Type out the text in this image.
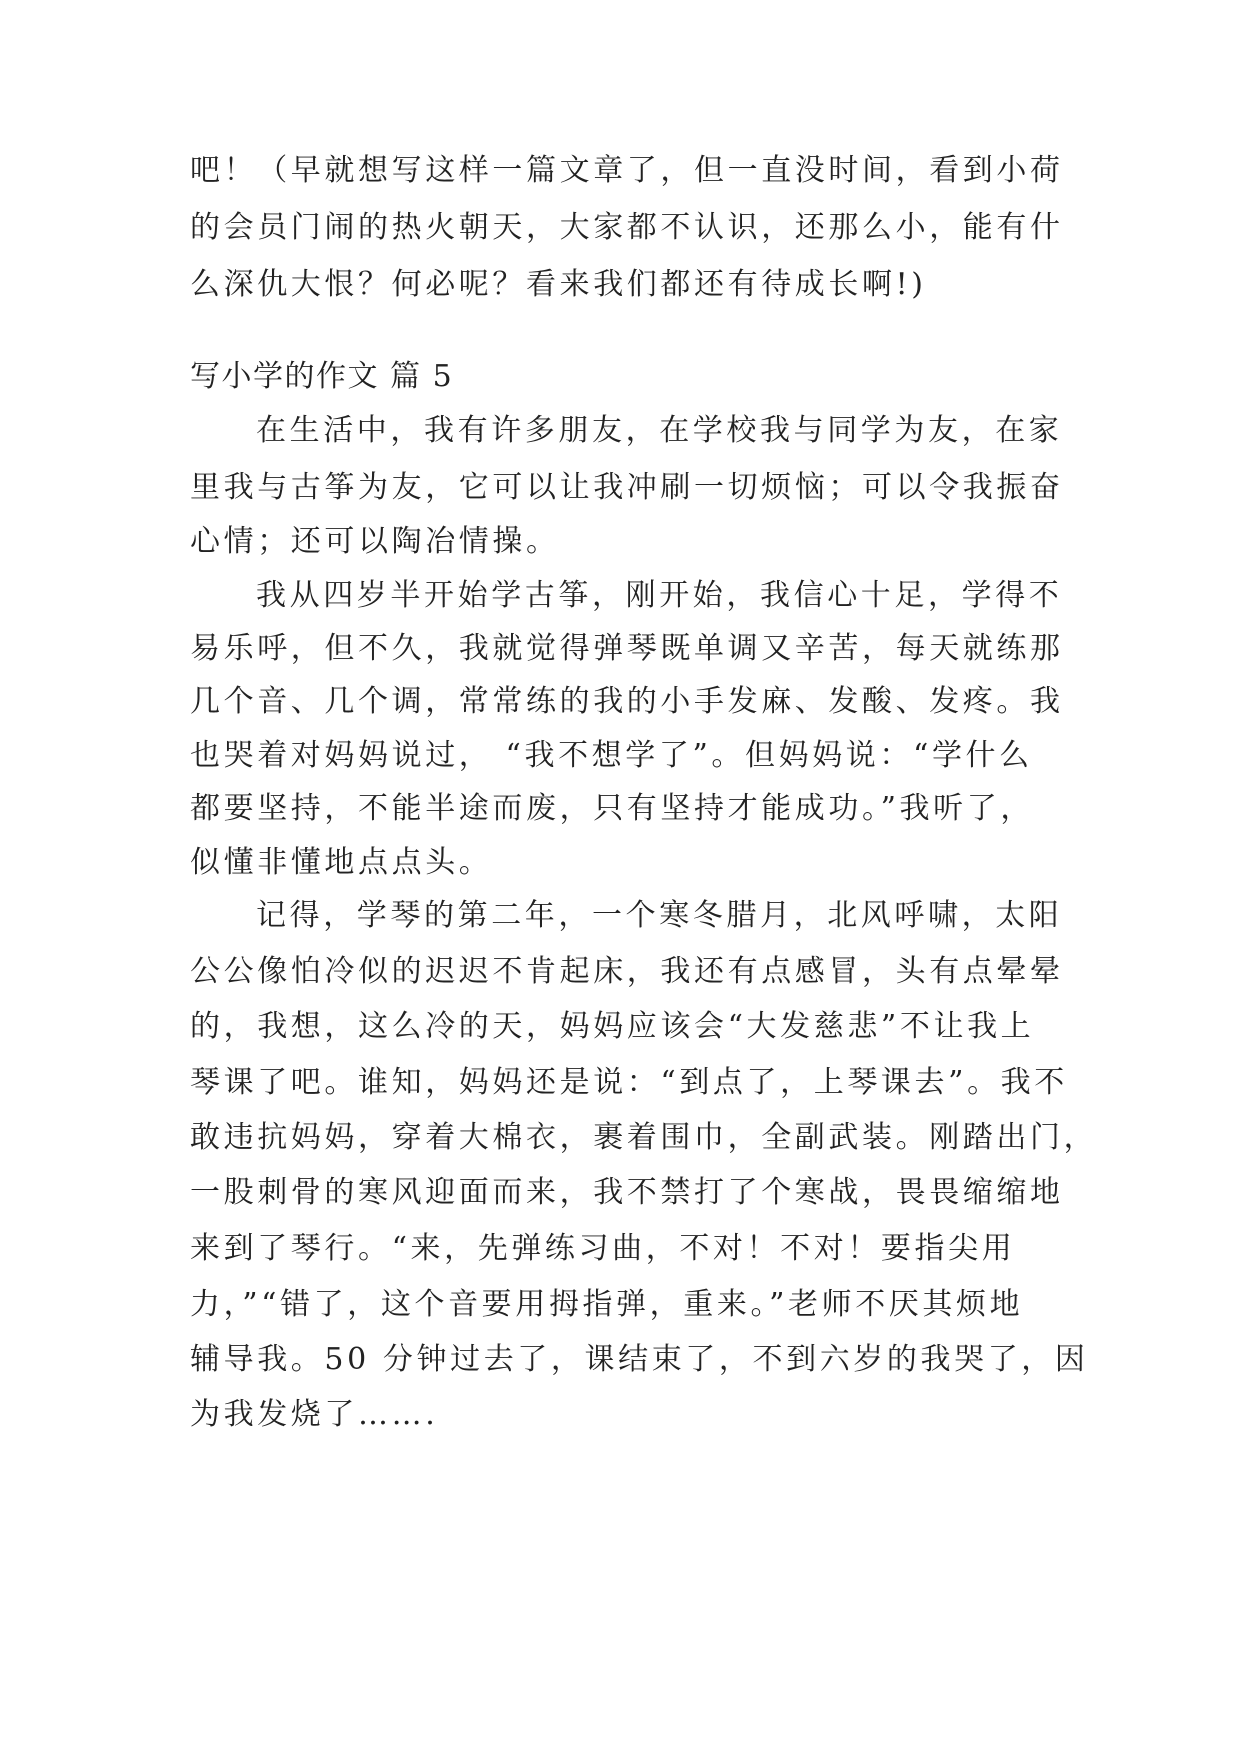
吧！（早就想写这样一篇文章了，但一直没时间，看到小荷
的会员门闹的热火朝天，大家都不认识，还那么小，能有什
么深仇大恨？何必呢？看来我们都还有待成长啊!)
写小学的作文 篇 5
在生活中，我有许多朋友，在学校我与同学为友，在家
里我与古筝为友，它可以让我冲刷一切烦恼；可以令我振奋
心情；还可以陶冶情操。
我从四岁半开始学古筝，刚开始，我信心十足，学得不
易乐呼，但不久，我就觉得弹琴既单调又辛苦，每天就练那
几个音、几个调，常常练的我的小手发麻、发酸、发疼。我
也哭着对妈妈说过， “我不想学了”。但妈妈说：“学什么
都要坚持，不能半途而废，只有坚持才能成功。”我听了，
似懂非懂地点点头。
记得，学琴的第二年，一个寒冬腊月，北风呼啸，太阳
公公像怕冷似的迟迟不肯起床，我还有点感冒，头有点晕晕
的，我想，这么冷的天，妈妈应该会“大发慈悲”不让我上
琴课了吧。谁知，妈妈还是说：“到点了，上琴课去”。我不
敢违抗妈妈，穿着大棉衣，裹着围巾，全副武装。刚踏出门，
一股刺骨的寒风迎面而来，我不禁打了个寒战，畏畏缩缩地
来到了琴行。“来，先弹练习曲，不对！不对！要指尖用
力，”“错了，这个音要用拇指弹，重来。”老师不厌其烦地
辅导我。50 分钟过去了，课结束了，不到六岁的我哭了，因
为我发烧了…….
